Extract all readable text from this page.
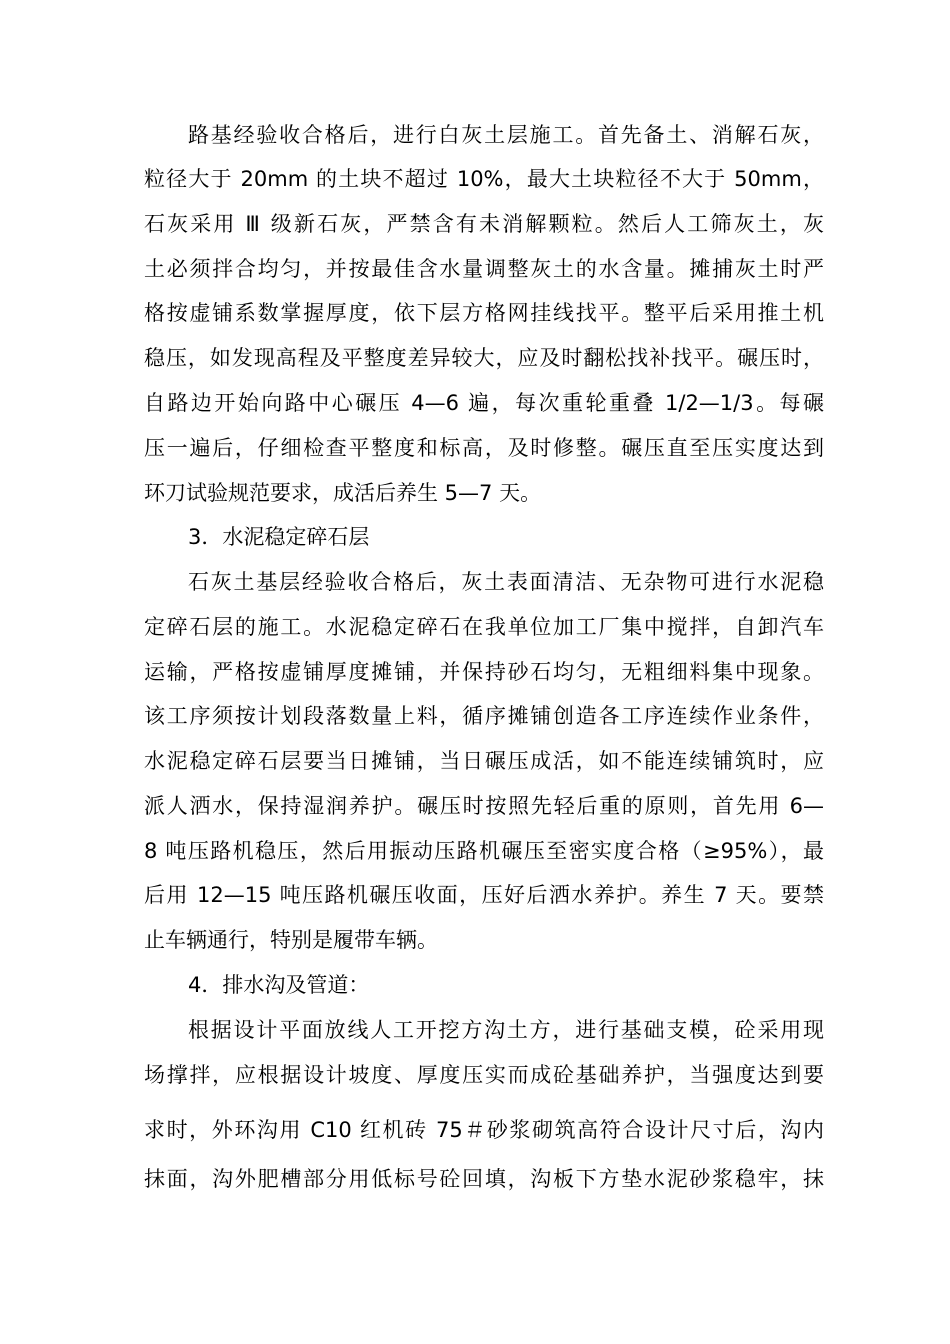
路基经验收合格后，进行白灰土层施工。首先备土、消解石灰，
粒径大于 20mm 的土块不超过 10%，最大土块粒径不大于 50mm，
石灰采用 Ⅲ 级新石灰，严禁含有未消解颗粒。然后人工筛灰土，灰
土必须拌合均匀，并按最佳含水量调整灰土的水含量。摊捕灰土时严
格按虚铺系数掌握厚度，依下层方格网挂线找平。整平后采用推土机
稳压，如发现高程及平整度差异较大，应及时翻松找补找平。碾压时，
自路边开始向路中心碾压 4—6 遍，每次重轮重叠 1/2—1/3。每碾
压一遍后，仔细检查平整度和标高，及时修整。碾压直至压实度达到
环刀试验规范要求，成活后养生 5—7 天。
3．水泥稳定碎石层
石灰土基层经验收合格后，灰土表面清洁、无杂物可进行水泥稳
定碎石层的施工。水泥稳定碎石在我单位加工厂集中搅拌，自卸汽车
运输，严格按虚铺厚度摊铺，并保持砂石均匀，无粗细料集中现象。
该工序须按计划段落数量上料，循序摊铺创造各工序连续作业条件，
水泥稳定碎石层要当日摊铺，当日碾压成活，如不能连续铺筑时，应
派人洒水，保持湿润养护。碾压时按照先轻后重的原则，首先用 6—
8 吨压路机稳压，然后用振动压路机碾压至密实度合格（≥95%），最
后用 12—15 吨压路机碾压收面，压好后洒水养护。养生 7 天。要禁
止车辆通行，特别是履带车辆。
4．排水沟及管道：
根据设计平面放线人工开挖方沟土方，进行基础支模，砼采用现
场撑拌，应根据设计坡度、厚度压实而成砼基础养护，当强度达到要
求时，外环沟用 C10 红机砖 75＃砂浆砌筑高符合设计尺寸后，沟内
抹面，沟外肥槽部分用低标号砼回填，沟板下方垫水泥砂浆稳牢，抹
